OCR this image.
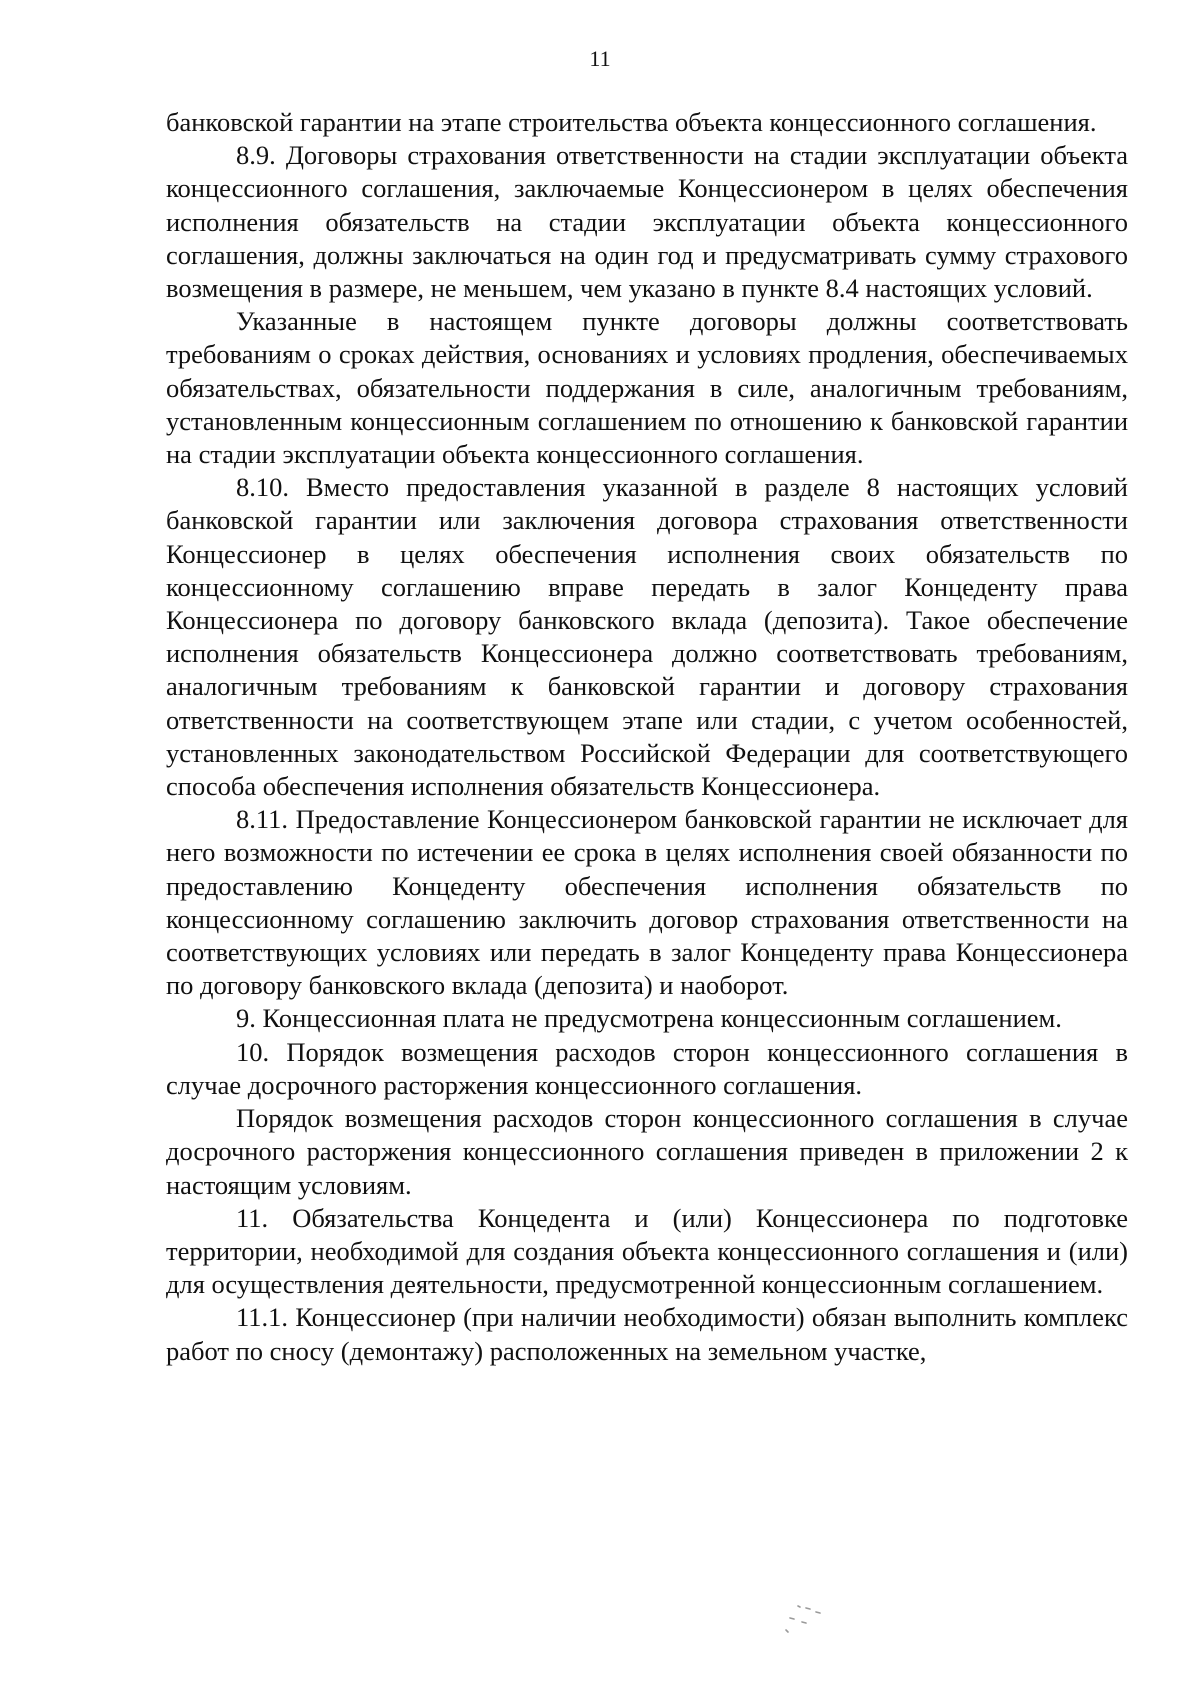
11

банковской гарантии на этапе строительства объекта концессионного соглашения.

8.9. Договоры страхования ответственности на стадии эксплуатации объекта концессионного соглашения, заключаемые Концессионером в целях обеспечения исполнения обязательств на стадии эксплуатации объекта концессионного соглашения, должны заключаться на один год и предусматривать сумму страхового возмещения в размере, не меньшем, чем указано в пункте 8.4 настоящих условий.

Указанные в настоящем пункте договоры должны соответствовать требованиям о сроках действия, основаниях и условиях продления, обеспечиваемых обязательствах, обязательности поддержания в силе, аналогичным требованиям, установленным концессионным соглашением по отношению к банковской гарантии на стадии эксплуатации объекта концессионного соглашения.

8.10. Вместо предоставления указанной в разделе 8 настоящих условий банковской гарантии или заключения договора страхования ответственности Концессионер в целях обеспечения исполнения своих обязательств по концессионному соглашению вправе передать в залог Концеденту права Концессионера по договору банковского вклада (депозита). Такое обеспечение исполнения обязательств Концессионера должно соответствовать требованиям, аналогичным требованиям к банковской гарантии и договору страхования ответственности на соответствующем этапе или стадии, с учетом особенностей, установленных законодательством Российской Федерации для соответствующего способа обеспечения исполнения обязательств Концессионера.

8.11. Предоставление Концессионером банковской гарантии не исключает для него возможности по истечении ее срока в целях исполнения своей обязанности по предоставлению Концеденту обеспечения исполнения обязательств по концессионному соглашению заключить договор страхования ответственности на соответствующих условиях или передать в залог Концеденту права Концессионера по договору банковского вклада (депозита) и наоборот.

9. Концессионная плата не предусмотрена концессионным соглашением.

10. Порядок возмещения расходов сторон концессионного соглашения в случае досрочного расторжения концессионного соглашения.

Порядок возмещения расходов сторон концессионного соглашения в случае досрочного расторжения концессионного соглашения приведен в приложении 2 к настоящим условиям.

11. Обязательства Концедента и (или) Концессионера по подготовке территории, необходимой для создания объекта концессионного соглашения и (или) для осуществления деятельности, предусмотренной концессионным соглашением.

11.1. Концессионер (при наличии необходимости) обязан выполнить комплекс работ по сносу (демонтажу) расположенных на земельном участке,
